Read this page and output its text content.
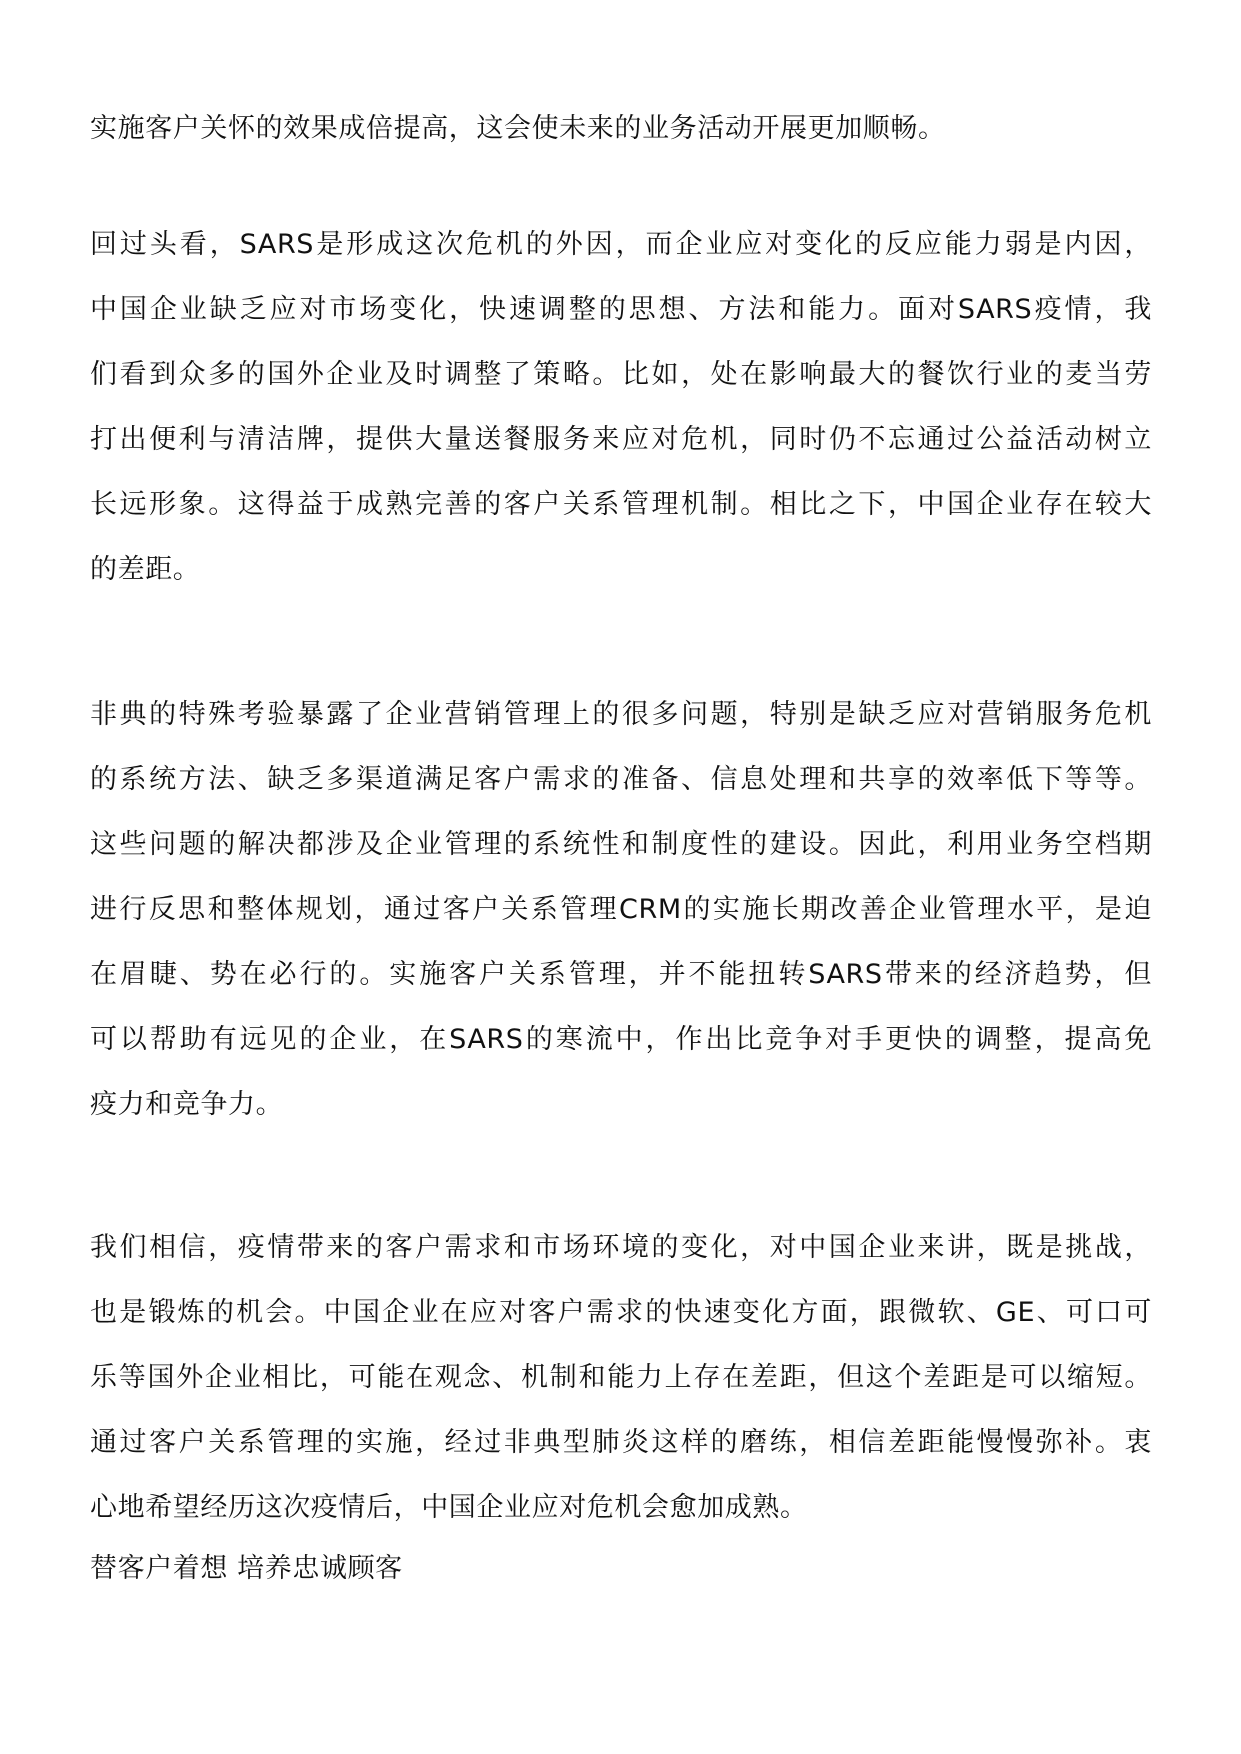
实施客户关怀的效果成倍提高，这会使未来的业务活动开展更加顺畅。
回过头看，SARS是形成这次危机的外因，而企业应对变化的反应能力弱是内因，
中国企业缺乏应对市场变化，快速调整的思想、方法和能力。面对SARS疫情，我
们看到众多的国外企业及时调整了策略。比如，处在影响最大的餐饮行业的麦当劳
打出便利与清洁牌，提供大量送餐服务来应对危机，同时仍不忘通过公益活动树立
长远形象。这得益于成熟完善的客户关系管理机制。相比之下，中国企业存在较大
的差距。
非典的特殊考验暴露了企业营销管理上的很多问题，特别是缺乏应对营销服务危机
的系统方法、缺乏多渠道满足客户需求的准备、信息处理和共享的效率低下等等。
这些问题的解决都涉及企业管理的系统性和制度性的建设。因此，利用业务空档期
进行反思和整体规划，通过客户关系管理CRM的实施长期改善企业管理水平，是迫
在眉睫、势在必行的。实施客户关系管理，并不能扭转SARS带来的经济趋势，但
可以帮助有远见的企业，在SARS的寒流中，作出比竞争对手更快的调整，提高免
疫力和竞争力。
我们相信，疫情带来的客户需求和市场环境的变化，对中国企业来讲，既是挑战，
也是锻炼的机会。中国企业在应对客户需求的快速变化方面，跟微软、GE、可口可
乐等国外企业相比，可能在观念、机制和能力上存在差距，但这个差距是可以缩短。
通过客户关系管理的实施，经过非典型肺炎这样的磨练，相信差距能慢慢弥补。衷
心地希望经历这次疫情后，中国企业应对危机会愈加成熟。
替客户着想 培养忠诚顾客
